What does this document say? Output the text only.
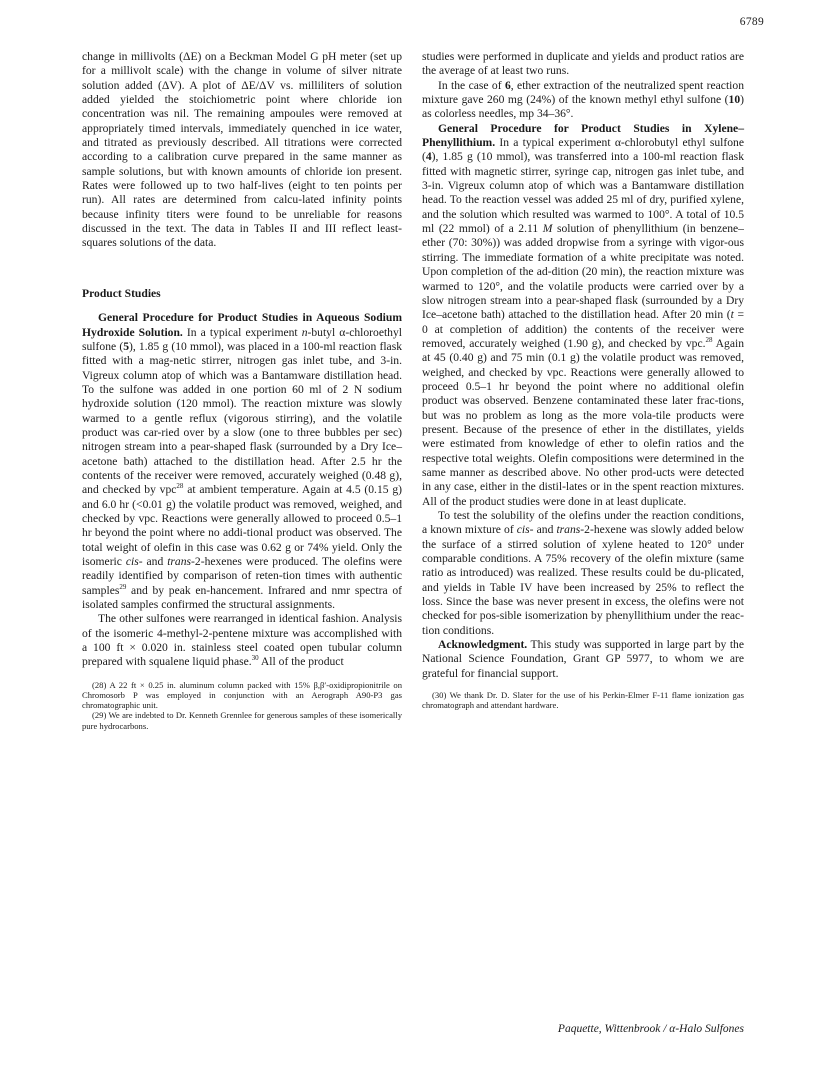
6789

change in millivolts (ΔE) on a Beckman Model G pH meter (set up for a millivolt scale) with the change in volume of silver nitrate solution added (ΔV). A plot of ΔE/ΔV vs. milliliters of solution added yielded the stoichiometric point where chloride ion concentration was nil. The remaining ampoules were removed at appropriately timed intervals, immediately quenched in ice water, and titrated as previously described. All titrations were corrected according to a calibration curve prepared in the same manner as sample solutions, but with known amounts of chloride ion present. Rates were followed up to two half-lives (eight to ten points per run). All rates are determined from calcu-lated infinity points because infinity titers were found to be unreliable for reasons discussed in the text. The data in Tables II and III reflect least-squares solutions of the data.

Product Studies

General Procedure for Product Studies in Aqueous Sodium Hydroxide Solution. In a typical experiment n-butyl α-chloroethyl sulfone (5), 1.85 g (10 mmol), was placed in a 100-ml reaction flask fitted with a mag-netic stirrer, nitrogen gas inlet tube, and 3-in. Vigreux column atop of which was a Bantamware distillation head. To the sulfone was added in one portion 60 ml of 2 N sodium hydroxide solution (120 mmol). The reaction mixture was slowly warmed to a gentle reflux (vigorous stirring), and the volatile product was car-ried over by a slow (one to three bubbles per sec) nitrogen stream into a pear-shaped flask (surrounded by a Dry Ice–acetone bath) attached to the distillation head. After 2.5 hr the contents of the receiver were removed, accurately weighed (0.48 g), and checked by vpc$^{28}$ at ambient temperature. Again at 4.5 (0.15 g) and 6.0 hr (<0.01 g) the volatile product was removed, weighed, and checked by vpc. Reactions were generally allowed to proceed 0.5–1 hr beyond the point where no addi-tional product was observed. The total weight of olefin in this case was 0.62 g or 74% yield. Only the isomeric cis- and trans-2-hexenes were produced. The olefins were readily identified by comparison of reten-tion times with authentic samples$^{29}$ and by peak en-hancement. Infrared and nmr spectra of isolated samples confirmed the structural assignments.

The other sulfones were rearranged in identical fashion. Analysis of the isomeric 4-methyl-2-pentene mixture was accomplished with a 100 ft × 0.020 in. stainless steel coated open tubular column prepared with squalene liquid phase.$^{30}$ All of the product

(28) A 22 ft × 0.25 in. aluminum column packed with 15% β,β′-oxidipropionitrile on Chromosorb P was employed in conjunction with an Aerograph A90-P3 gas chromatographic unit.

(29) We are indebted to Dr. Kenneth Grennlee for generous samples of these isomerically pure hydrocarbons.

studies were performed in duplicate and yields and product ratios are the average of at least two runs.

In the case of 6, ether extraction of the neutralized spent reaction mixture gave 260 mg (24%) of the known methyl ethyl sulfone (10) as colorless needles, mp 34–36°.

General Procedure for Product Studies in Xylene–Phenyllithium. In a typical experiment α-chlorobutyl ethyl sulfone (4), 1.85 g (10 mmol), was transferred into a 100-ml reaction flask fitted with magnetic stirrer, syringe cap, nitrogen gas inlet tube, and 3-in. Vigreux column atop of which was a Bantamware distillation head. To the reaction vessel was added 25 ml of dry, purified xylene, and the solution which resulted was warmed to 100°. A total of 10.5 ml (22 mmol) of a 2.11 M solution of phenyllithium (in benzene–ether (70: 30%)) was added dropwise from a syringe with vigor-ous stirring. The immediate formation of a white precipitate was noted. Upon completion of the ad-dition (20 min), the reaction mixture was warmed to 120°, and the volatile products were carried over by a slow nitrogen stream into a pear-shaped flask (surrounded by a Dry Ice–acetone bath) attached to the distillation head. After 20 min (t = 0 at completion of addition) the contents of the receiver were removed, accurately weighed (1.90 g), and checked by vpc.$^{28}$ Again at 45 (0.40 g) and 75 min (0.1 g) the volatile product was removed, weighed, and checked by vpc. Reactions were generally allowed to proceed 0.5–1 hr beyond the point where no additional olefin product was observed. Benzene contaminated these later frac-tions, but was no problem as long as the more vola-tile products were present. Because of the presence of ether in the distillates, yields were estimated from knowledge of ether to olefin ratios and the respective total weights. Olefin compositions were determined in the same manner as described above. No other prod-ucts were detected in any case, either in the distil-lates or in the spent reaction mixtures. All of the product studies were done in at least duplicate.

To test the solubility of the olefins under the reaction conditions, a known mixture of cis- and trans-2-hexene was slowly added below the surface of a stirred solution of xylene heated to 120° under comparable conditions. A 75% recovery of the olefin mixture (same ratio as introduced) was realized. These results could be du-plicated, and yields in Table IV have been increased by 25% to reflect the loss. Since the base was never present in excess, the olefins were not checked for pos-sible isomerization by phenyllithium under the reac-tion conditions.

Acknowledgment. This study was supported in large part by the National Science Foundation, Grant GP 5977, to whom we are grateful for financial support.

(30) We thank Dr. D. Slater for the use of his Perkin-Elmer F-11 flame ionization gas chromatograph and attendant hardware.

Paquette, Wittenbrook / α-Halo Sulfones
